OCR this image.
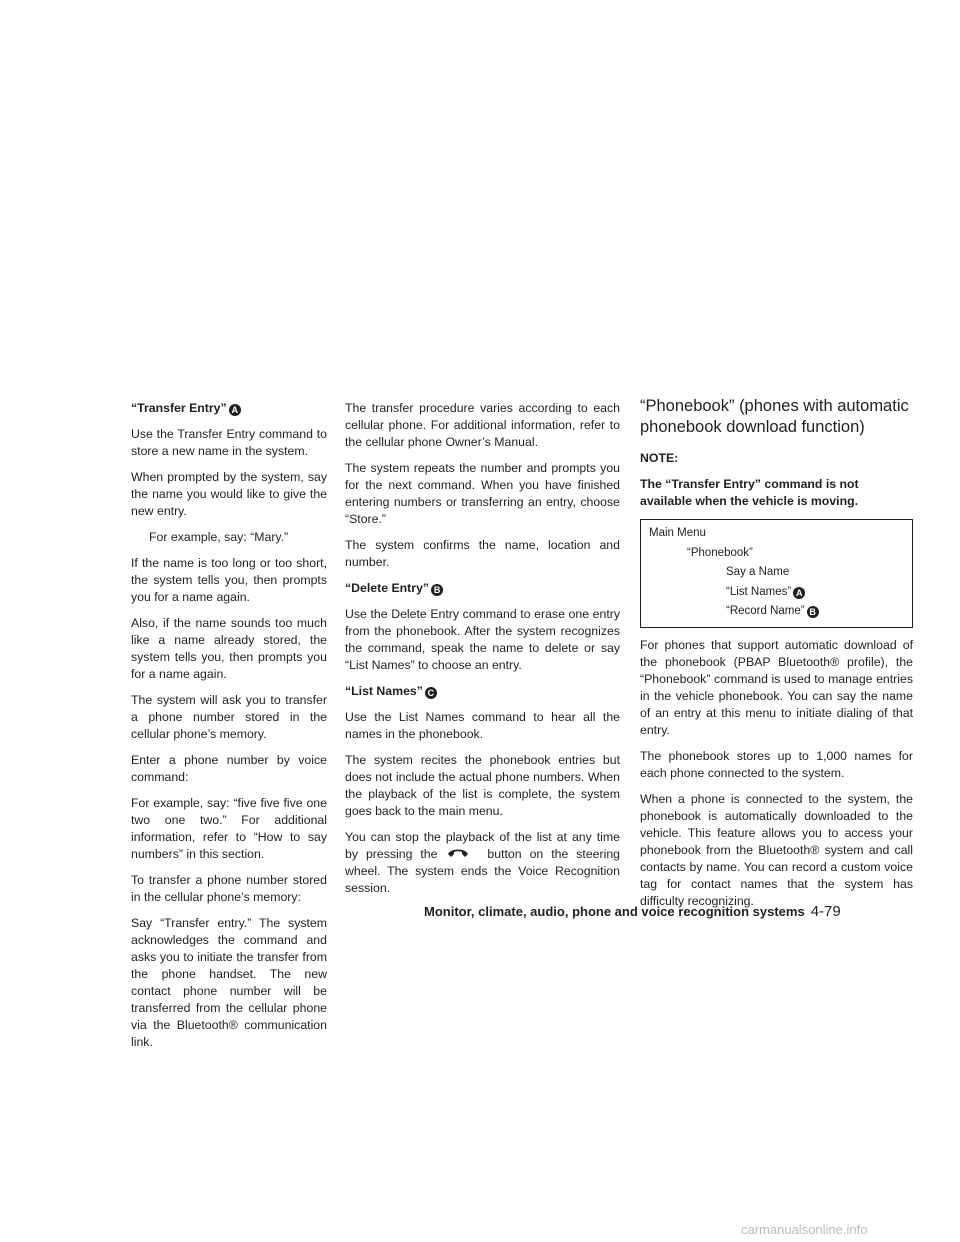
“Transfer Entry” A

Use the Transfer Entry command to store a new name in the system.

When prompted by the system, say the name you would like to give the new entry.

For example, say: “Mary.”

If the name is too long or too short, the system tells you, then prompts you for a name again.

Also, if the name sounds too much like a name already stored, the system tells you, then prompts you for a name again.

The system will ask you to transfer a phone number stored in the cellular phone’s memory.

Enter a phone number by voice command:

For example, say: “five five five one two one two.” For additional information, refer to “How to say numbers” in this section.

To transfer a phone number stored in the cellular phone’s memory:

Say “Transfer entry.” The system acknowledges the command and asks you to initiate the transfer from the phone handset. The new contact phone number will be transferred from the cellular phone via the Bluetooth® communication link.

The transfer procedure varies according to each cellular phone. For additional information, refer to the cellular phone Owner’s Manual.

The system repeats the number and prompts you for the next command. When you have finished entering numbers or transferring an entry, choose “Store.”

The system confirms the name, location and number.

“Delete Entry” B

Use the Delete Entry command to erase one entry from the phonebook. After the system recognizes the command, speak the name to delete or say “List Names” to choose an entry.

“List Names” C

Use the List Names command to hear all the names in the phonebook.

The system recites the phonebook entries but does not include the actual phone numbers. When the playback of the list is complete, the system goes back to the main menu.

You can stop the playback of the list at any time by pressing the	button on the steering wheel. The system ends the Voice Recognition session.

“Phonebook” (phones with automatic phonebook download function)
NOTE:
The “Transfer Entry” command is not available when the vehicle is moving.
Main Menu
“Phonebook”
Say a Name
“List Names” A
“Record Name” B

For phones that support automatic download of the phonebook (PBAP Bluetooth® profile), the “Phonebook” command is used to manage entries in the vehicle phonebook. You can say the name of an entry at this menu to initiate dialing of that entry.

The phonebook stores up to 1,000 names for each phone connected to the system.

When a phone is connected to the system, the phonebook is automatically downloaded to the vehicle. This feature allows you to access your phonebook from the Bluetooth® system and call contacts by name. You can record a custom voice tag for contact names that the system has difficulty recognizing.

Monitor, climate, audio, phone and voice recognition systems 4-79
carmanualsonline.info
